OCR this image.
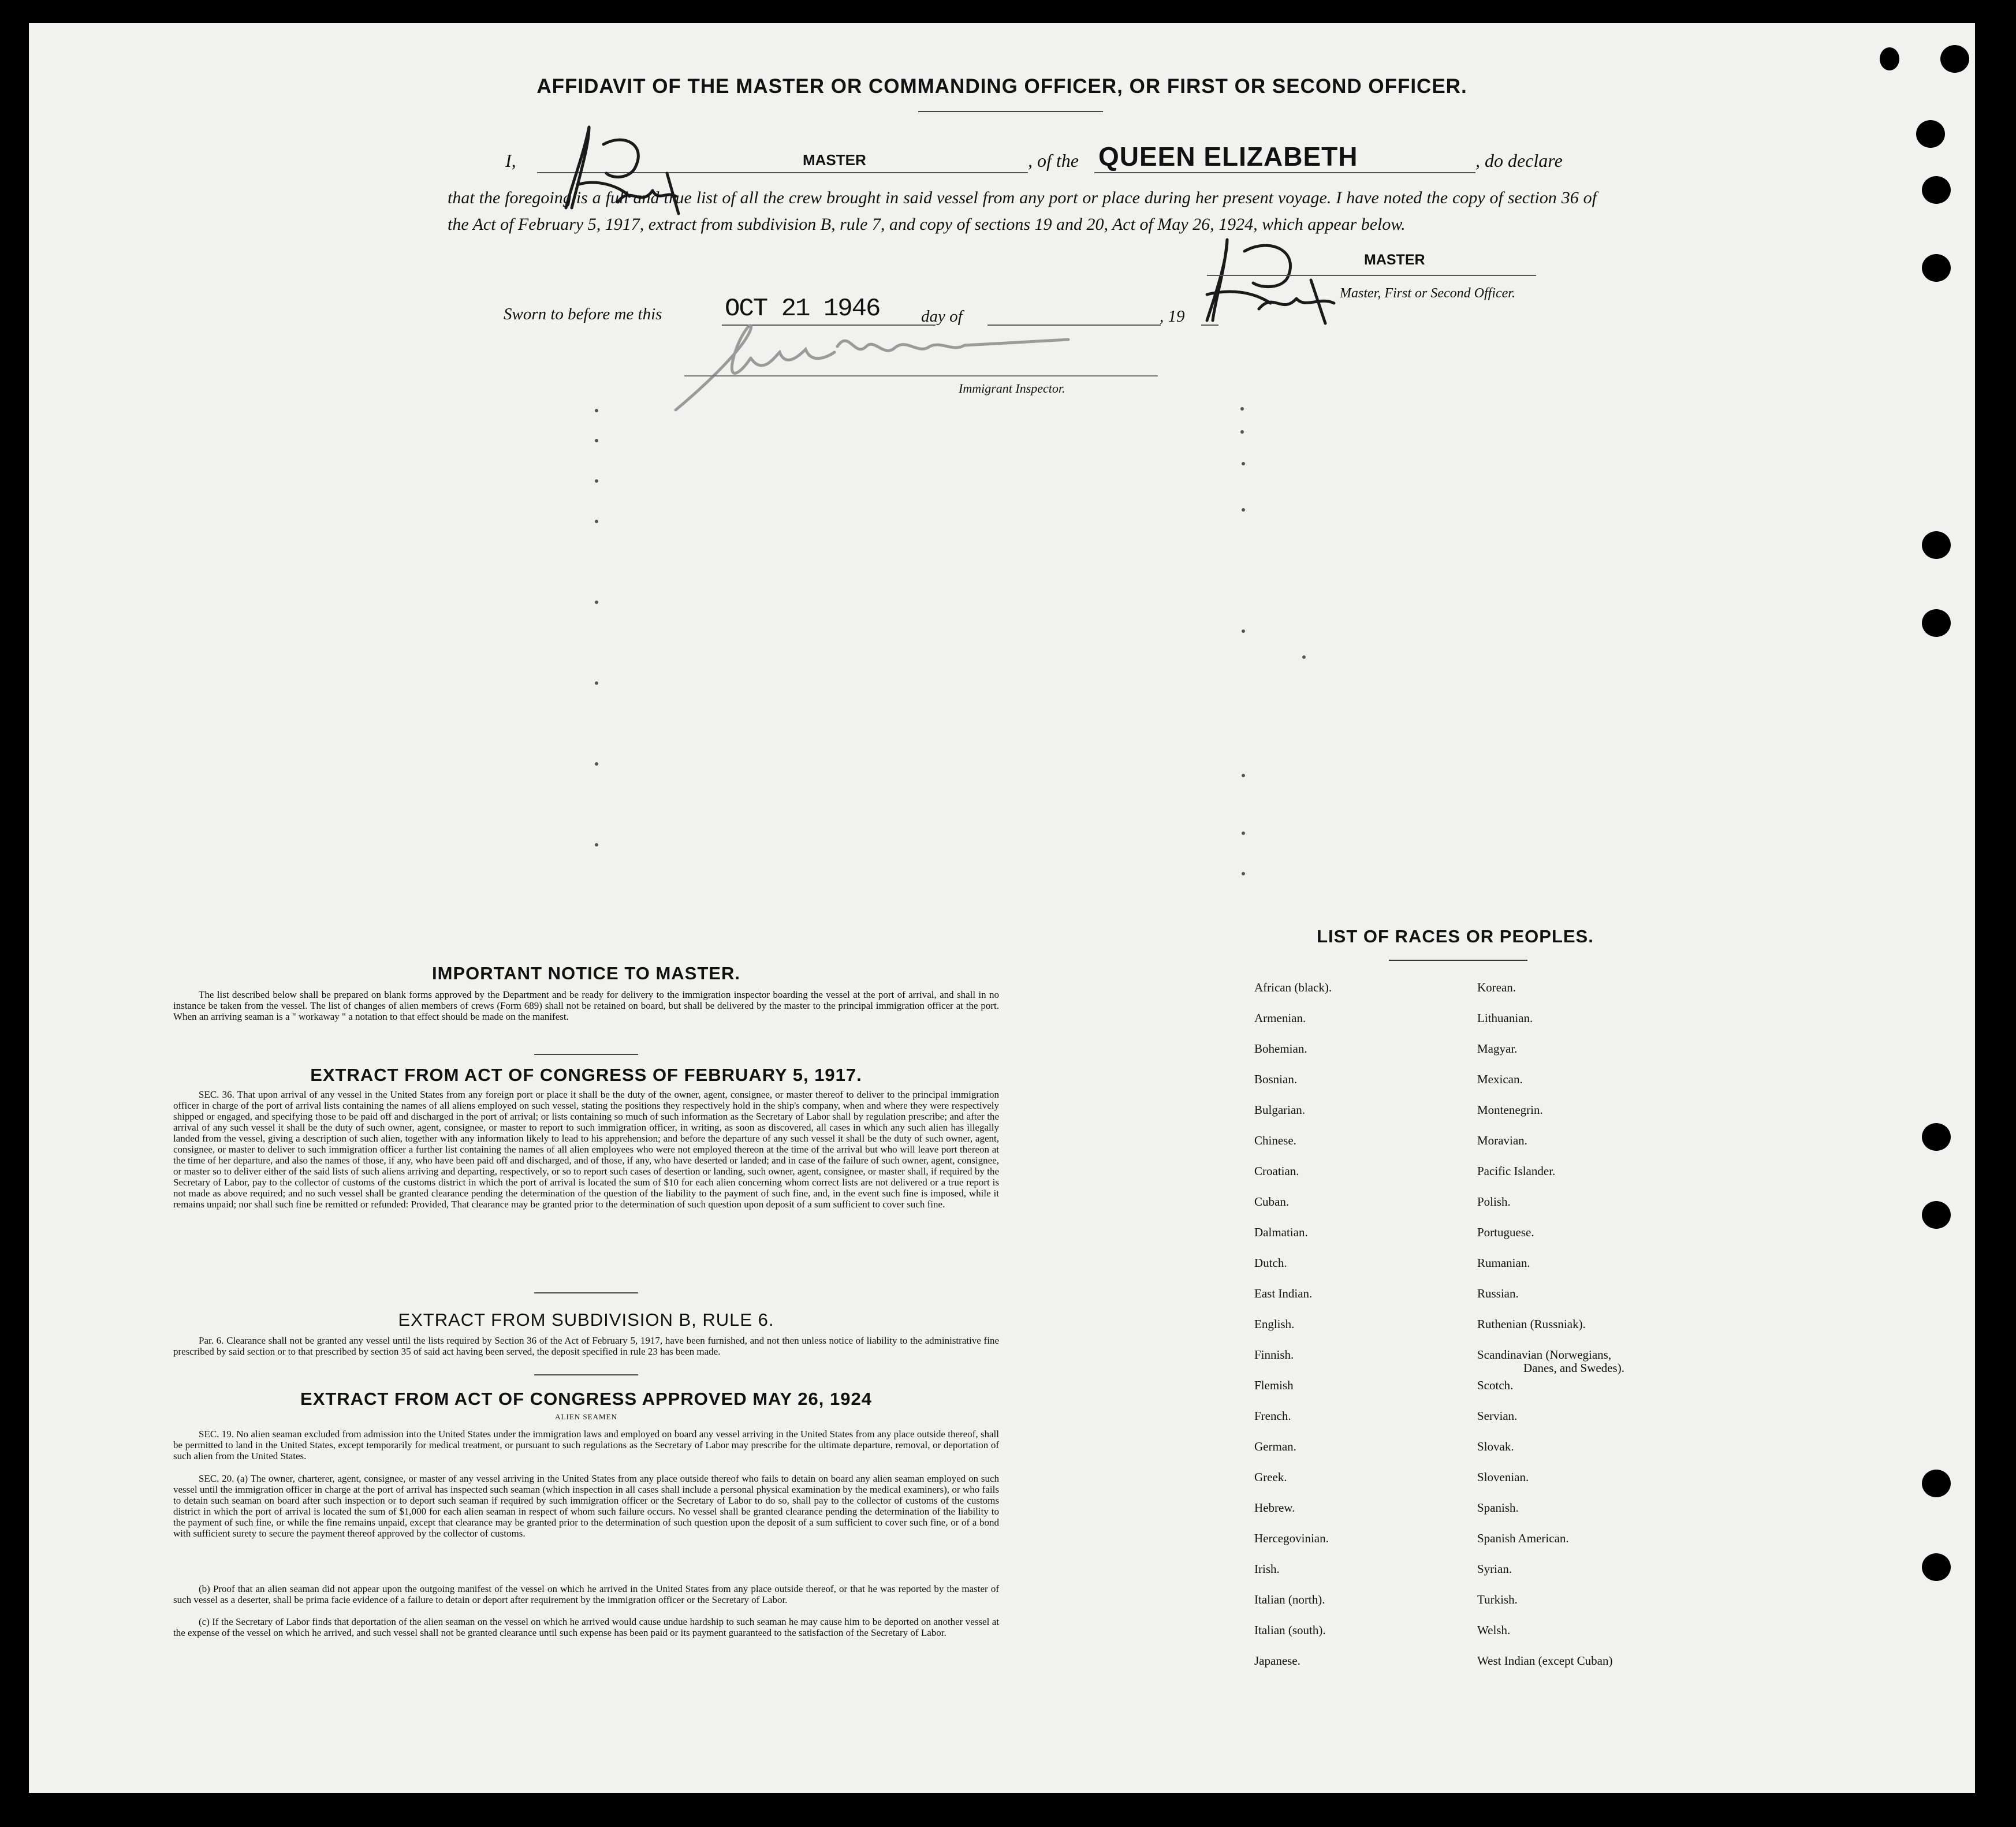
AFFIDAVIT OF THE MASTER OR COMMANDING OFFICER, OR FIRST OR SECOND OFFICER.
I,	MASTER	, of the QUEEN ELIZABETH	, do declare
that the foregoing is a full and true list of all the crew brought in said vessel from any port or place during her present voyage. I have noted the copy of section 36 of the Act of February 5, 1917, extract from subdivision B, rule 7, and copy of sections 19 and 20, Act of May 26, 1924, which appear below.
MASTER
Master, First or Second Officer.
Sworn to before me this OCT 21 1946 day of	, 19
Immigrant Inspector.
IMPORTANT NOTICE TO MASTER.
The list described below shall be prepared on blank forms approved by the Department and be ready for delivery to the immigration inspector boarding the vessel at the port of arrival, and shall in no instance be taken from the vessel. The list of changes of alien members of crews (Form 689) shall not be retained on board, but shall be delivered by the master to the principal immigration officer at the port. When an arriving seaman is a " workaway " a notation to that effect should be made on the manifest.
EXTRACT FROM ACT OF CONGRESS OF FEBRUARY 5, 1917.
SEC. 36. That upon arrival of any vessel in the United States from any foreign port or place it shall be the duty of the owner, agent, consignee, or master thereof to deliver to the principal immigration officer in charge of the port of arrival lists containing the names of all aliens employed on such vessel, stating the positions they respectively hold in the ship's company, when and where they were respectively shipped or engaged, and specifying those to be paid off and discharged in the port of arrival; or lists containing so much of such information as the Secretary of Labor shall by regulation prescribe; and after the arrival of any such vessel it shall be the duty of such owner, agent, consignee, or master to report to such immigration officer, in writing, as soon as discovered, all cases in which any such alien has illegally landed from the vessel, giving a description of such alien, together with any information likely to lead to his apprehension; and before the departure of any such vessel it shall be the duty of such owner, agent, consignee, or master to deliver to such immigration officer a further list containing the names of all alien employees who were not employed thereon at the time of the arrival but who will leave port thereon at the time of her departure, and also the names of those, if any, who have been paid off and discharged, and of those, if any, who have deserted or landed; and in case of the failure of such owner, agent, consignee, or master so to deliver either of the said lists of such aliens arriving and departing, respectively, or so to report such cases of desertion or landing, such owner, agent, consignee, or master shall, if required by the Secretary of Labor, pay to the collector of customs of the customs district in which the port of arrival is located the sum of $10 for each alien concerning whom correct lists are not delivered or a true report is not made as above required; and no such vessel shall be granted clearance pending the determination of the question of the liability to the payment of such fine, and, in the event such fine is imposed, while it remains unpaid; nor shall such fine be remitted or refunded: Provided, That clearance may be granted prior to the determination of such question upon deposit of a sum sufficient to cover such fine.
EXTRACT FROM SUBDIVISION B, RULE 6.
Par. 6. Clearance shall not be granted any vessel until the lists required by Section 36 of the Act of February 5, 1917, have been furnished, and not then unless notice of liability to the administrative fine prescribed by said section or to that prescribed by section 35 of said act having been served, the deposit specified in rule 23 has been made.
EXTRACT FROM ACT OF CONGRESS APPROVED MAY 26, 1924
ALIEN SEAMEN
SEC. 19. No alien seaman excluded from admission into the United States under the immigration laws and employed on board any vessel arriving in the United States from any place outside thereof, shall be permitted to land in the United States, except temporarily for medical treatment, or pursuant to such regulations as the Secretary of Labor may prescribe for the ultimate departure, removal, or deportation of such alien from the United States.
SEC. 20. (a) The owner, charterer, agent, consignee, or master of any vessel arriving in the United States from any place outside thereof who fails to detain on board any alien seaman employed on such vessel until the immigration officer in charge at the port of arrival has inspected such seaman (which inspection in all cases shall include a personal physical examination by the medical examiners), or who fails to detain such seaman on board after such inspection or to deport such seaman if required by such immigration officer or the Secretary of Labor to do so, shall pay to the collector of customs of the customs district in which the port of arrival is located the sum of $1,000 for each alien seaman in respect of whom such failure occurs. No vessel shall be granted clearance pending the determination of the liability to the payment of such fine, or while the fine remains unpaid, except that clearance may be granted prior to the determination of such question upon the deposit of a sum sufficient to cover such fine, or of a bond with sufficient surety to secure the payment thereof approved by the collector of customs.
(b) Proof that an alien seaman did not appear upon the outgoing manifest of the vessel on which he arrived in the United States from any place outside thereof, or that he was reported by the master of such vessel as a deserter, shall be prima facie evidence of a failure to detain or deport after requirement by the immigration officer or the Secretary of Labor.
(c) If the Secretary of Labor finds that deportation of the alien seaman on the vessel on which he arrived would cause undue hardship to such seaman he may cause him to be deported on another vessel at the expense of the vessel on which he arrived, and such vessel shall not be granted clearance until such expense has been paid or its payment guaranteed to the satisfaction of the Secretary of Labor.
LIST OF RACES OR PEOPLES.
African (black).
Armenian.
Bohemian.
Bosnian.
Bulgarian.
Chinese.
Croatian.
Cuban.
Dalmatian.
Dutch.
East Indian.
English.
Finnish.
Flemish
French.
German.
Greek.
Hebrew.
Hercegovinian.
Irish.
Italian (north).
Italian (south).
Japanese.
Korean.
Lithuanian.
Magyar.
Mexican.
Montenegrin.
Moravian.
Pacific Islander.
Polish.
Portuguese.
Rumanian.
Russian.
Ruthenian (Russniak).
Scandinavian (Norwegians,
Danes, and Swedes).
Scotch.
Servian.
Slovak.
Slovenian.
Spanish.
Spanish American.
Syrian.
Turkish.
Welsh.
West Indian (except Cuban)
